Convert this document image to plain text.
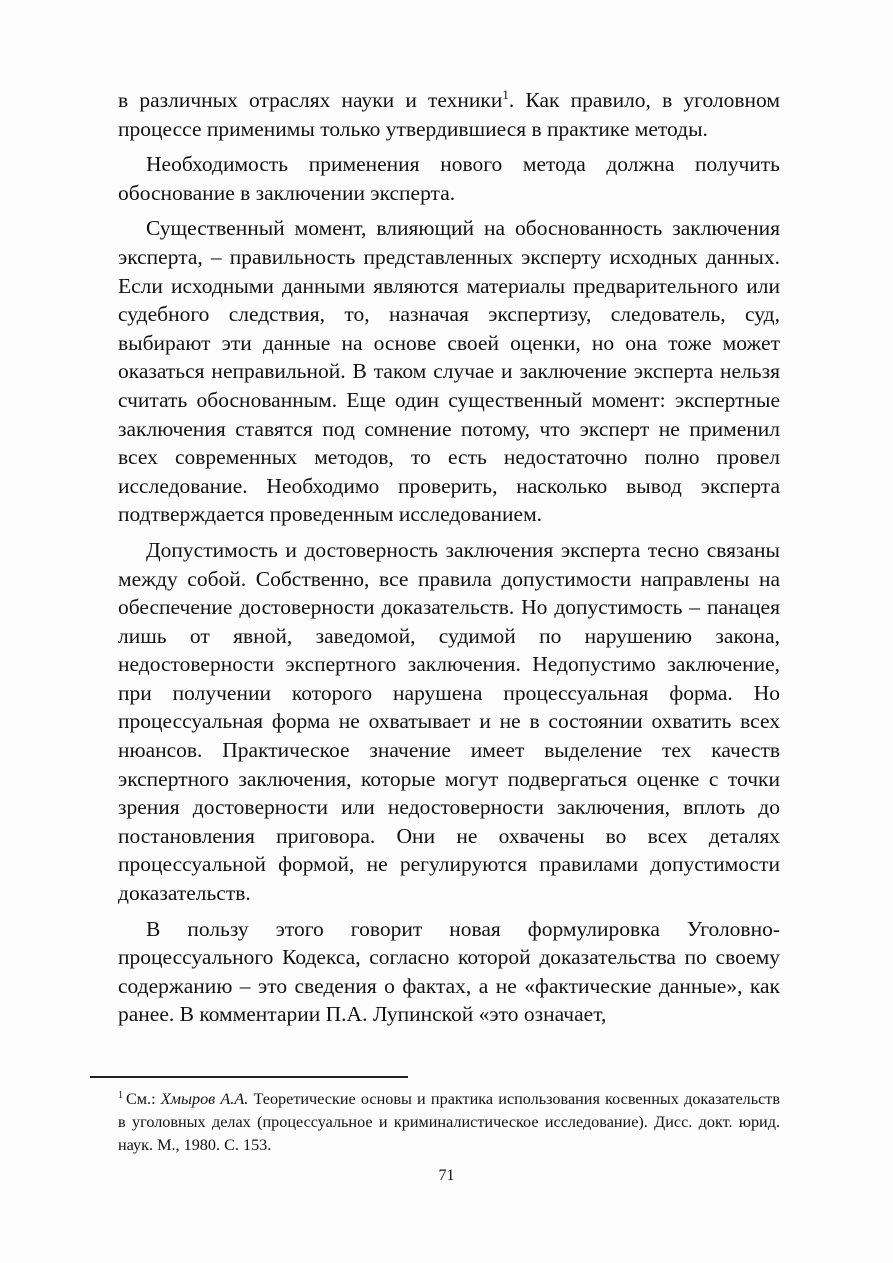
в различных отраслях науки и техники$^1$. Как правило, в уголовном процессе применимы только утвердившиеся в практике методы.

Необходимость применения нового метода должна получить обоснование в заключении эксперта.

Существенный момент, влияющий на обоснованность заключения эксперта, – правильность представленных эксперту исходных данных. Если исходными данными являются материалы предварительного или судебного следствия, то, назначая экспертизу, следователь, суд, выбирают эти данные на основе своей оценки, но она тоже может оказаться неправильной. В таком случае и заключение эксперта нельзя считать обоснованным. Еще один существенный момент: экспертные заключения ставятся под сомнение потому, что эксперт не применил всех современных методов, то есть недостаточно полно провел исследование. Необходимо проверить, насколько вывод эксперта подтверждается проведенным исследованием.

Допустимость и достоверность заключения эксперта тесно связаны между собой. Собственно, все правила допустимости направлены на обеспечение достоверности доказательств. Но допустимость – панацея лишь от явной, заведомой, судимой по нарушению закона, недостоверности экспертного заключения. Недопустимо заключение, при получении которого нарушена процессуальная форма. Но процессуальная форма не охватывает и не в состоянии охватить всех нюансов. Практическое значение имеет выделение тех качеств экспертного заключения, которые могут подвергаться оценке с точки зрения достоверности или недостоверности заключения, вплоть до постановления приговора. Они не охвачены во всех деталях процессуальной формой, не регулируются правилами допустимости доказательств.

В пользу этого говорит новая формулировка Уголовно-процессуального Кодекса, согласно которой доказательства по своему содержанию – это сведения о фактах, а не «фактические данные», как ранее. В комментарии П.А. Лупинской «это означает,

$^1$ См.: Хмыров А.А. Теоретические основы и практика использования косвенных доказательств в уголовных делах (процессуальное и криминалистическое исследование). Дисс. докт. юрид. наук. М., 1980. С. 153.
71
